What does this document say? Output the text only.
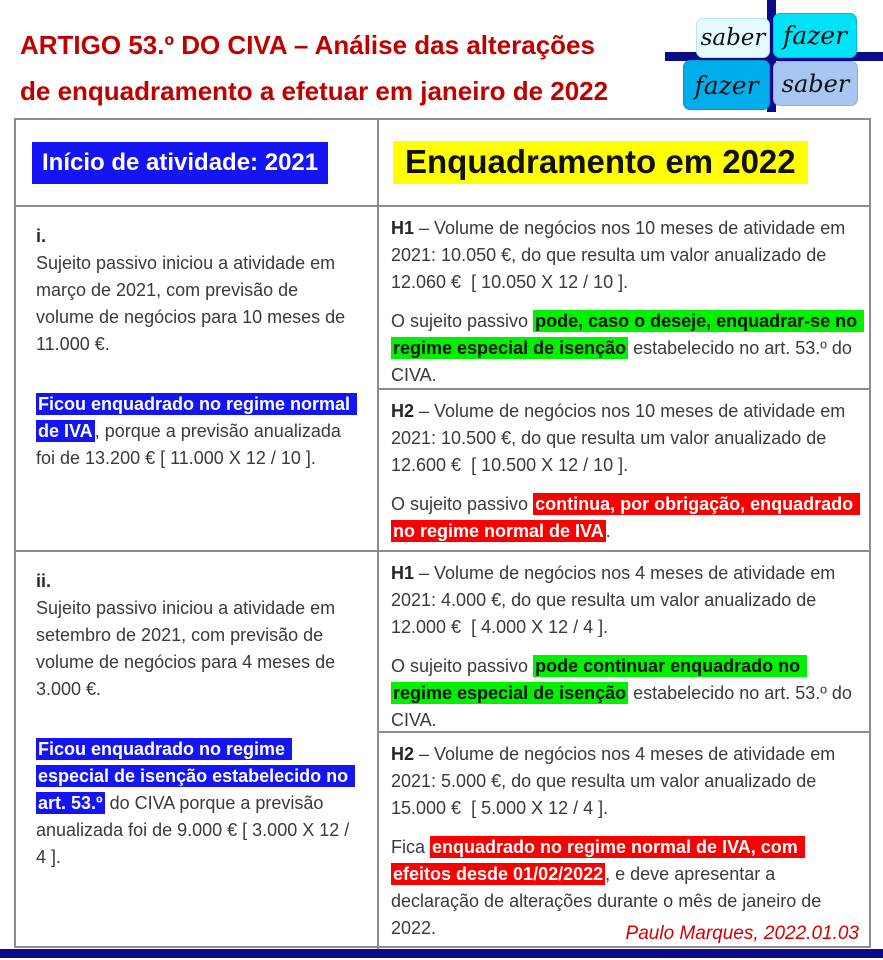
ARTIGO 53.º DO CIVA – Análise das alterações
de enquadramento a efetuar em janeiro de 2022
saber fazer
fazer saber
Início de atividade: 2021

i.

Sujeito passivo iniciou a atividade em março de 2021, com previsão de volume de negócios para 10 meses de 11.000 €.

Ficou enquadrado no regime normal de IVA , porque a previsão anualizada foi de 13.200 € [ 11.000 X 12 / 10 ].

ii.

Sujeito passivo iniciou a atividade em setembro de 2021, com previsão de volume de negócios para 4 meses de 3.000 €.

Ficou enquadrado no regime especial de isenção estabelecido no art. 53.º do CIVA porque a previsão anualizada foi de 9.000 € [ 3.000 X 12 / 4 ].

Enquadramento em 2022

H1 – Volume de negócios nos 10 meses de atividade em 2021: 10.050 €, do que resulta um valor anualizado de 12.060 €  [ 10.050 X 12 / 10 ].

O sujeito passivo pode, caso o deseje, enquadrar-se no regime especial de isenção estabelecido no art. 53.º do CIVA.

H2 – Volume de negócios nos 10 meses de atividade em 2021: 10.500 €, do que resulta um valor anualizado de 12.600 €  [ 10.500 X 12 / 10 ].

O sujeito passivo continua, por obrigação, enquadrado no regime normal de IVA .

H1 – Volume de negócios nos 4 meses de atividade em 2021: 4.000 €, do que resulta um valor anualizado de 12.000 €  [ 4.000 X 12 / 4 ].

O sujeito passivo pode continuar enquadrado no regime especial de isenção estabelecido no art. 53.º do CIVA.

H2 – Volume de negócios nos 4 meses de atividade em 2021: 5.000 €, do que resulta um valor anualizado de 15.000 €  [ 5.000 X 12 / 4 ].

Fica enquadrado no regime normal de IVA, com efeitos desde 01/02/2022 , e deve apresentar a declaração de alterações durante o mês de janeiro de 2022.	Paulo Marques, 2022.01.03
